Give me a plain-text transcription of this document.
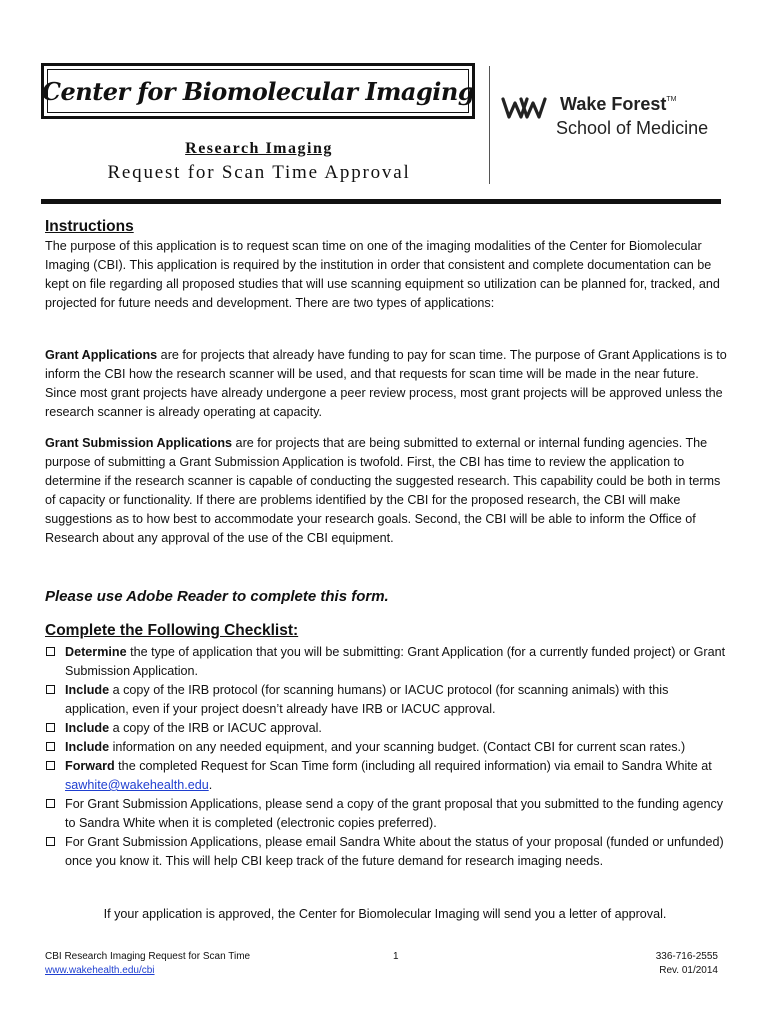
Center for Biomolecular Imaging
Research Imaging
Request for Scan Time Approval
Wake Forest™
School of Medicine
Instructions
The purpose of this application is to request scan time on one of the imaging modalities of the Center for Biomolecular Imaging (CBI). This application is required by the institution in order that consistent and complete documentation can be kept on file regarding all proposed studies that will use scanning equipment so utilization can be planned for, tracked, and projected for future needs and development. There are two types of applications:
Grant Applications are for projects that already have funding to pay for scan time. The purpose of Grant Applications is to inform the CBI how the research scanner will be used, and that requests for scan time will be made in the near future. Since most grant projects have already undergone a peer review process, most grant projects will be approved unless the research scanner is already operating at capacity.
Grant Submission Applications are for projects that are being submitted to external or internal funding agencies. The purpose of submitting a Grant Submission Application is twofold. First, the CBI has time to review the application to determine if the research scanner is capable of conducting the suggested research. This capability could be both in terms of capacity or functionality. If there are problems identified by the CBI for the proposed research, the CBI will make suggestions as to how best to accommodate your research goals. Second, the CBI will be able to inform the Office of Research about any approval of the use of the CBI equipment.
Please use Adobe Reader to complete this form.
Complete the Following Checklist:
Determine the type of application that you will be submitting: Grant Application (for a currently funded project) or Grant Submission Application.
Include a copy of the IRB protocol (for scanning humans) or IACUC protocol (for scanning animals) with this application, even if your project doesn’t already have IRB or IACUC approval.
Include a copy of the IRB or IACUC approval.
Include information on any needed equipment, and your scanning budget. (Contact CBI for current scan rates.)
Forward the completed Request for Scan Time form (including all required information) via email to Sandra White at sawhite@wakehealth.edu.
For Grant Submission Applications, please send a copy of the grant proposal that you submitted to the funding agency to Sandra White when it is completed (electronic copies preferred).
For Grant Submission Applications, please email Sandra White about the status of your proposal (funded or unfunded) once you know it. This will help CBI keep track of the future demand for research imaging needs.
If your application is approved, the Center for Biomolecular Imaging will send you a letter of approval.
CBI Research Imaging Request for Scan Time
www.wakehealth.edu/cbi
1	336-716-2555
Rev. 01/2014
